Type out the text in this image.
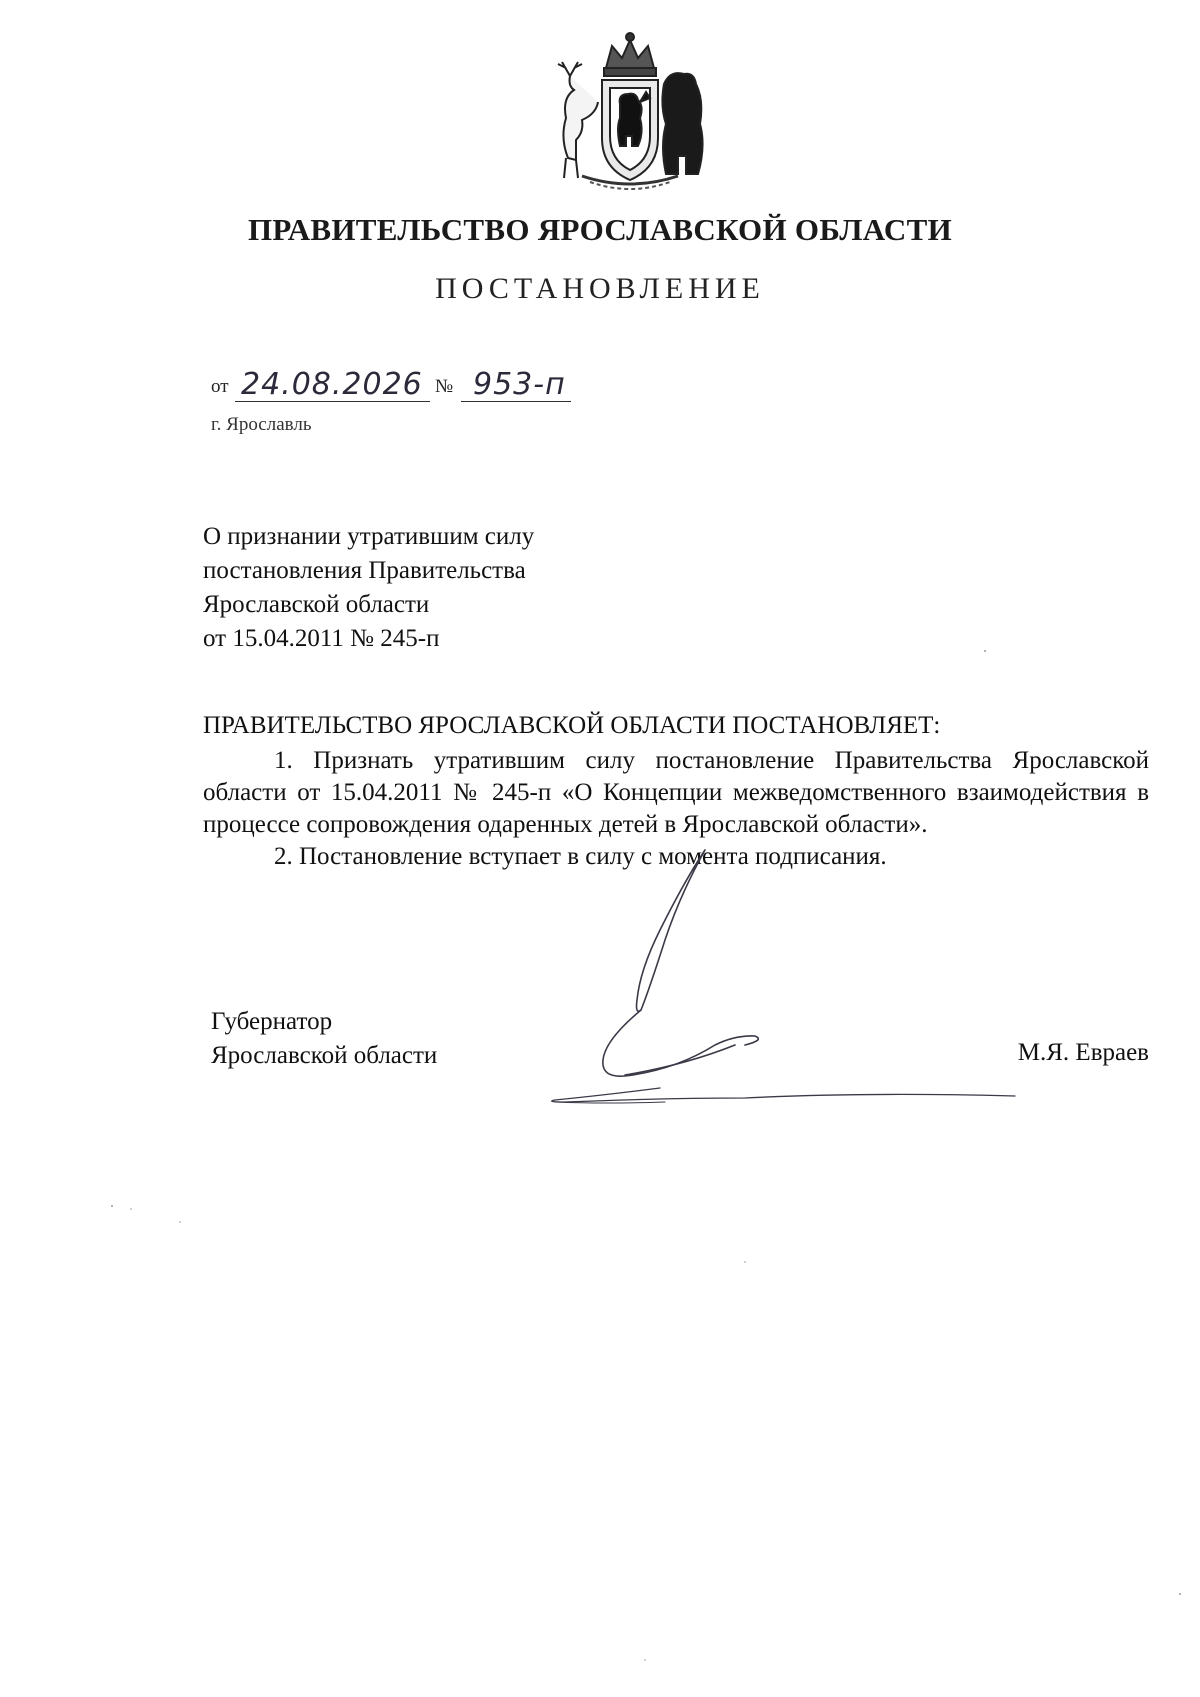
ПРАВИТЕЛЬСТВО ЯРОСЛАВСКОЙ ОБЛАСТИ
ПОСТАНОВЛЕНИЕ
от 24.08.2026 № 953-п
г. Ярославль
О признании утратившим силу
постановления Правительства
Ярославской области
от 15.04.2011 № 245-п
ПРАВИТЕЛЬСТВО ЯРОСЛАВСКОЙ ОБЛАСТИ ПОСТАНОВЛЯЕТ:

1. Признать утратившим силу постановление Правительства Ярославской области от 15.04.2011 № 245-п «О Концепции межведомственного взаимодействия в процессе сопровождения одаренных детей в Ярославской области».

2. Постановление вступает в силу с момента подписания.

Губернатор
Ярославской области	М.Я. Евраев
